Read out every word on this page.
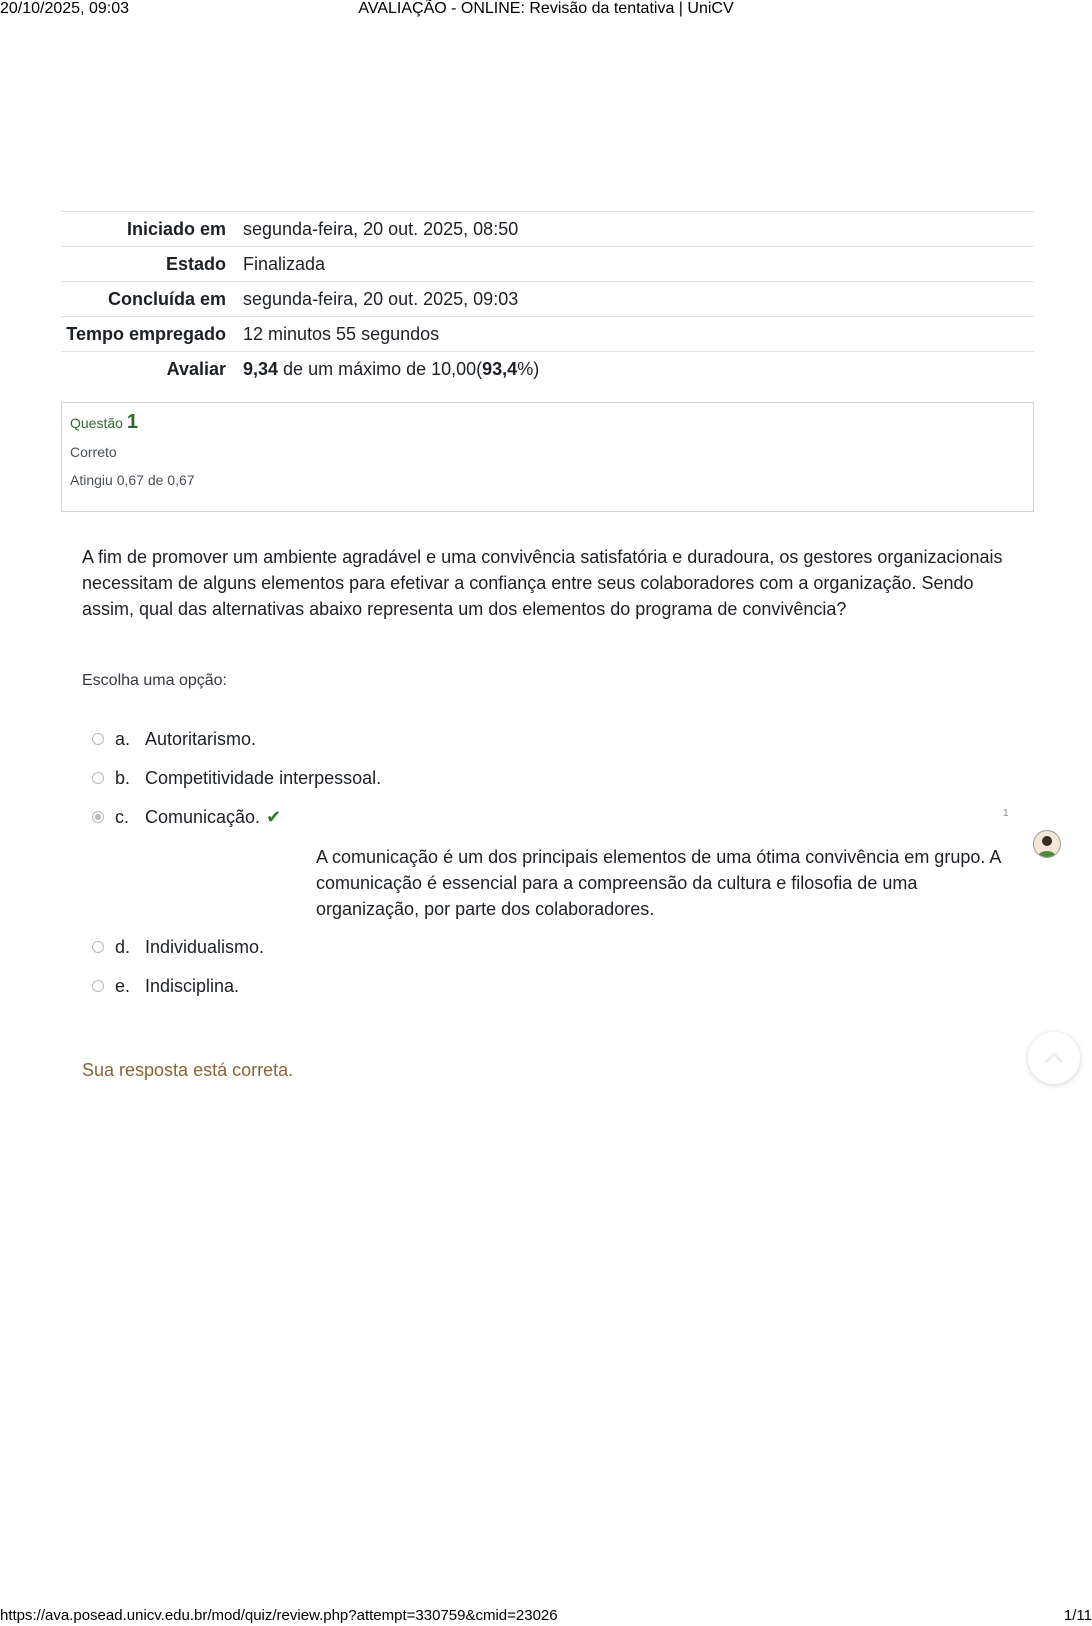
20/10/2025, 09:03	AVALIAÇÃO - ONLINE: Revisão da tentativa | UniCV
Iniciado em	segunda-feira, 20 out. 2025, 08:50
Estado	Finalizada
Concluída em	segunda-feira, 20 out. 2025, 09:03
Tempo empregado	12 minutos 55 segundos
Avaliar	9,34 de um máximo de 10,00(93,4%)
Questão 1
Correto
Atingiu 0,67 de 0,67
A fim de promover um ambiente agradável e uma convivência satisfatória e duradoura, os gestores organizacionais necessitam de alguns elementos para efetivar a confiança entre seus colaboradores com a organização. Sendo assim, qual das alternativas abaixo representa um dos elementos do programa de convivência?
Escolha uma opção:
a. Autoritarismo.
b. Competitividade interpessoal.
c. Comunicação. ✔
A comunicação é um dos principais elementos de uma ótima convivência em grupo. A comunicação é essencial para a compreensão da cultura e filosofia de uma organização, por parte dos colaboradores.
d. Individualismo.
e. Indisciplina.
1
Sua resposta está correta.
https://ava.posead.unicv.edu.br/mod/quiz/review.php?attempt=330759&cmid=23026	1/11
